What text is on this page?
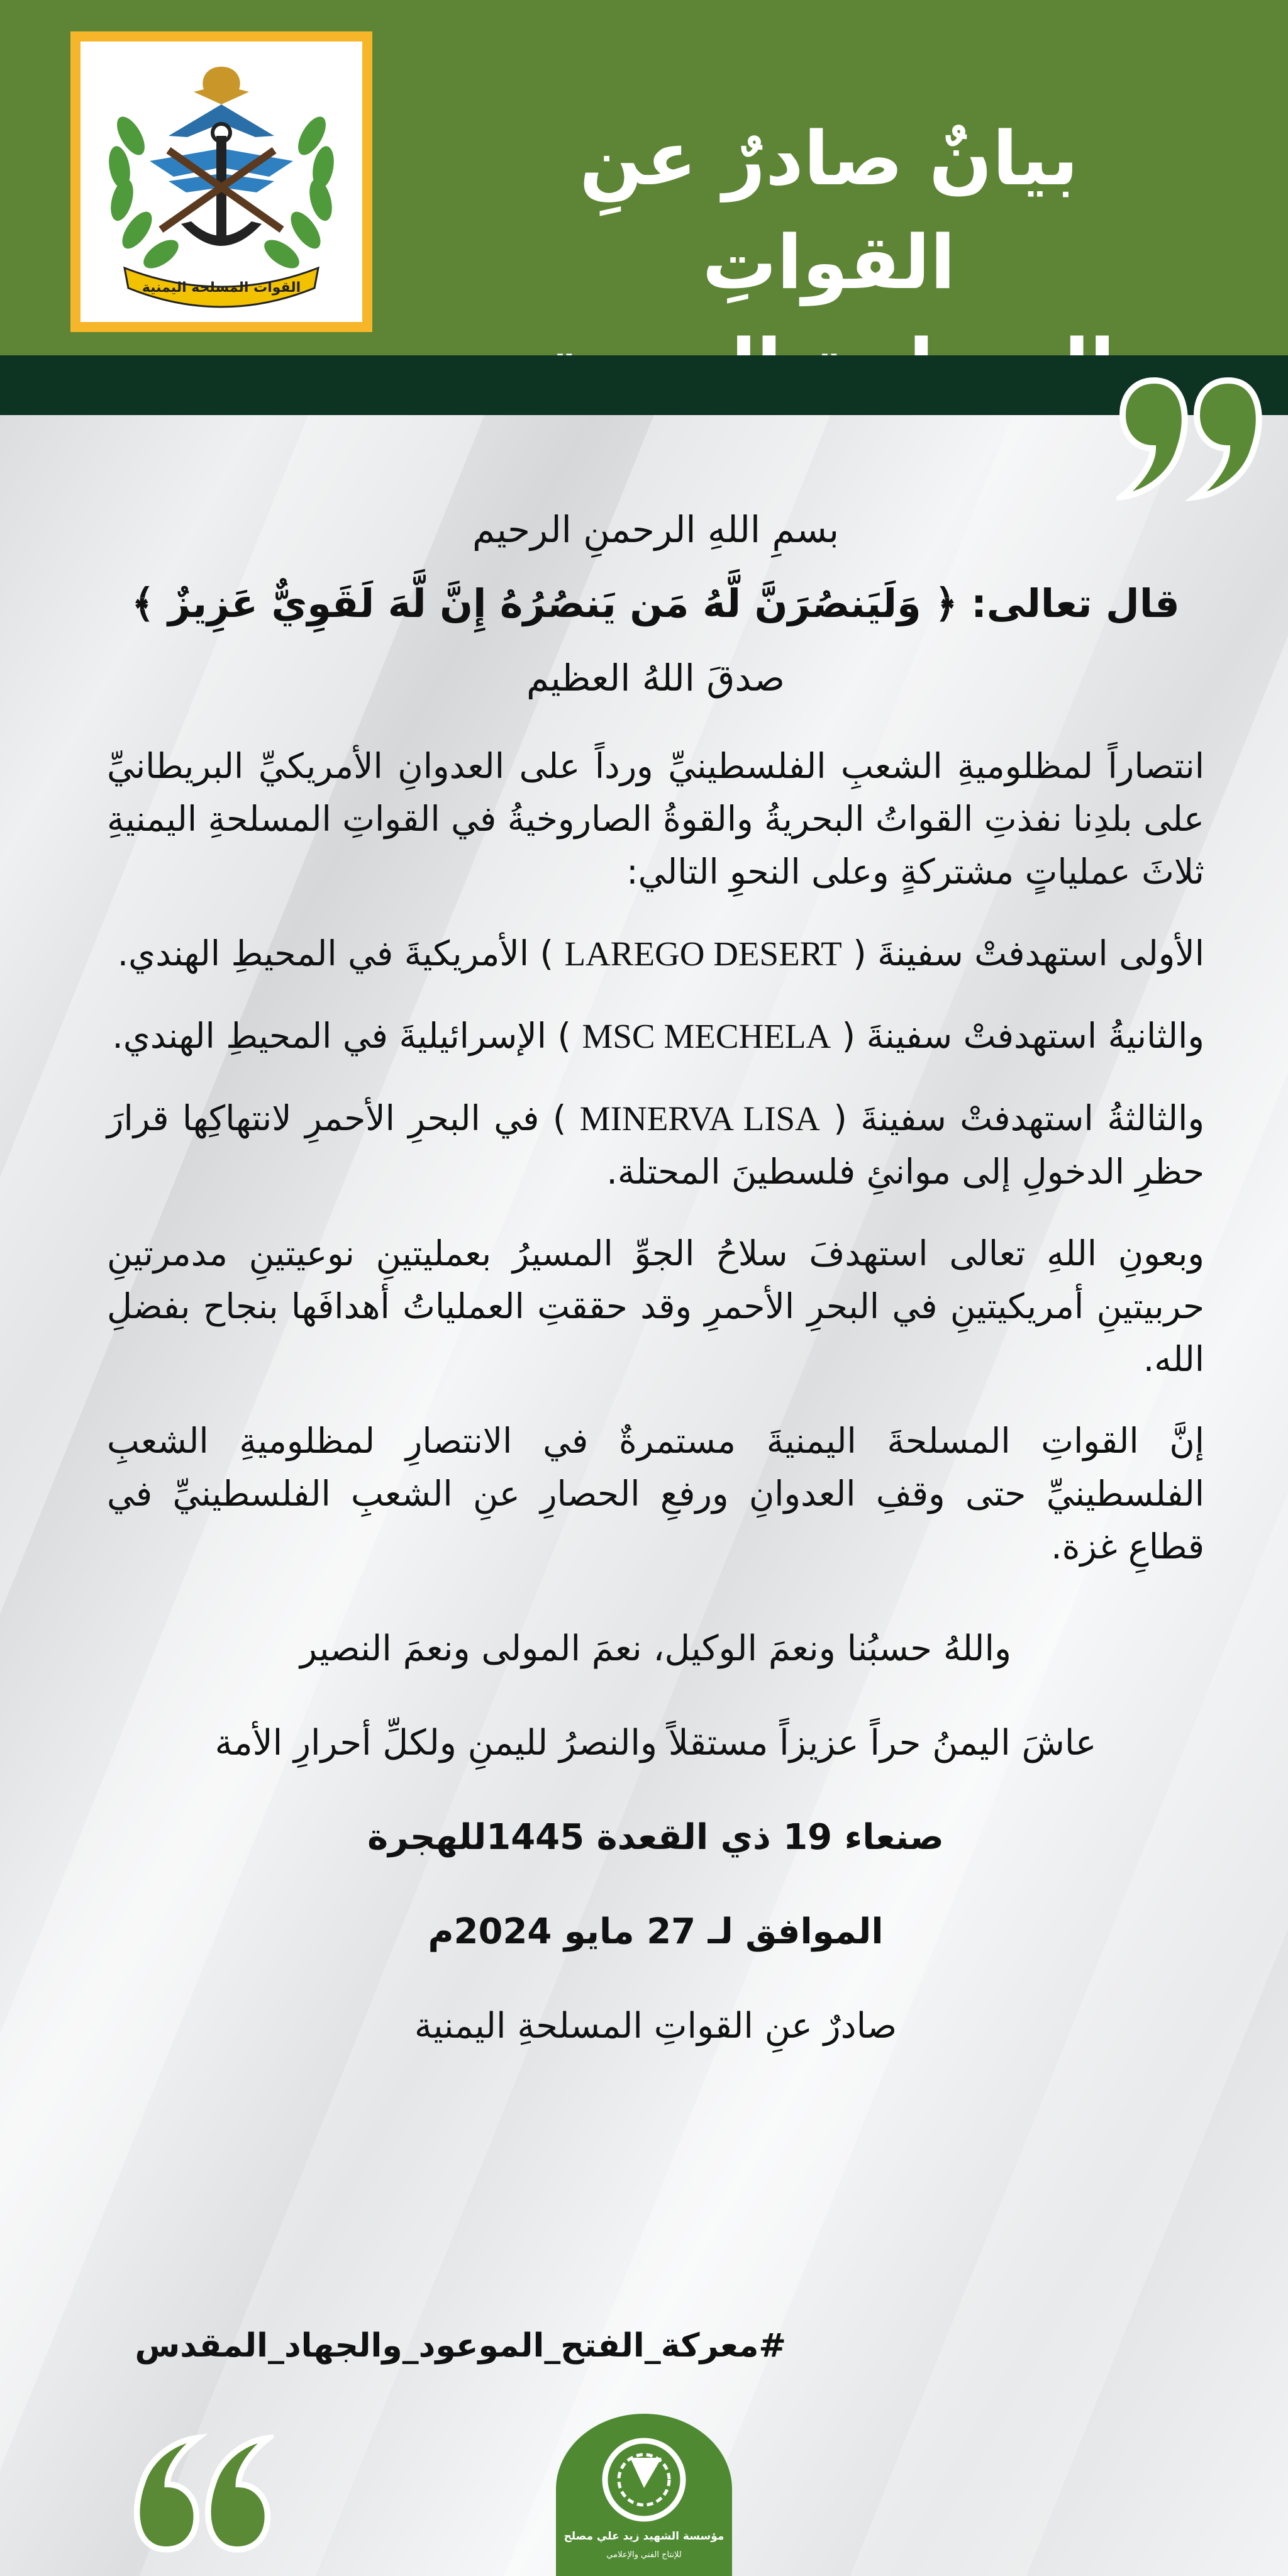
القوات المسلحة اليمنية
بيانٌ صادرٌ عنِ القواتِ
بسمِ اللهِ الرحمنِ الرحيم
قال تعالى: ﴿ وَلَيَنصُرَنَّ لَّهُ مَن يَنصُرُهُ إِنَّ لَّهَ لَقَوِيٌّ عَزِيزٌ ﴾
صدقَ اللهُ العظيم

انتصاراً لمظلوميةِ الشعبِ الفلسطينيِّ ورداً على العدوانِ الأمريكيِّ البريطانيِّ على بلدِنا نفذتِ القواتُ البحريةُ والقوةُ الصاروخيةُ في القواتِ المسلحةِ اليمنيةِ ثلاثَ عملياتٍ مشتركةٍ وعلى النحوِ التالي:

الأولى استهدفتْ سفينةَ ( LAREGO DESERT ) الأمريكيةَ في المحيطِ الهندي.

والثانيةُ استهدفتْ سفينةَ ( MSC MECHELA ) الإسرائيليةَ في المحيطِ الهندي.

والثالثةُ استهدفتْ سفينةَ ( MINERVA LISA ) في البحرِ الأحمرِ لانتهاكِها قرارَ حظرِ الدخولِ إلى موانئِ فلسطينَ المحتلة.

وبعونِ اللهِ تعالى استهدفَ سلاحُ الجوِّ المسيرُ بعمليتينِ نوعيتينِ مدمرتينِ حربيتينِ أمريكيتينِ في البحرِ الأحمرِ وقد حققتِ العملياتُ أهدافَها بنجاح بفضلِ الله.

إنَّ القواتِ المسلحةَ اليمنيةَ مستمرةٌ في الانتصارِ لمظلوميةِ الشعبِ الفلسطينيِّ حتى وقفِ العدوانِ ورفعِ الحصارِ عنِ الشعبِ الفلسطينيِّ في قطاعِ غزة.

واللهُ حسبُنا ونعمَ الوكيل، نعمَ المولى ونعمَ النصير
عاشَ اليمنُ حراً عزيزاً مستقلاً والنصرُ لليمنِ ولكلِّ أحرارِ الأمة
صنعاء 19 ذي القعدة 1445للهجرة
الموافق لـ 27 مايو 2024م
صادرٌ عنِ القواتِ المسلحةِ اليمنية
#معركة_الفتح_الموعود_والجهاد_المقدس
مؤسسة الشهيد زيد علي مصلح
للإنتاج الفني والإعلامي
